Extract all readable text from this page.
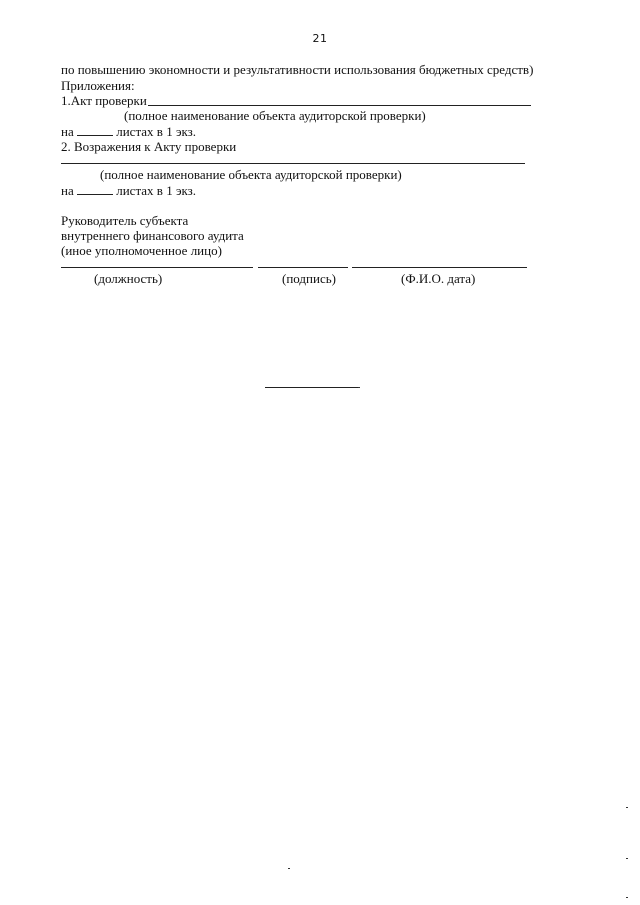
21
по повышению экономности и результативности использования бюджетных средств)
Приложения:
1.Акт проверки
(полное наименование объекта аудиторской проверки)
на	листах в 1 экз.
2. Возражения к Акту проверки
(полное наименование объекта аудиторской проверки)
на	листах в 1 экз.
Руководитель субъекта
внутреннего финансового аудита
(иное уполномоченное лицо)
(должность)	(подпись)	(Ф.И.О. дата)
